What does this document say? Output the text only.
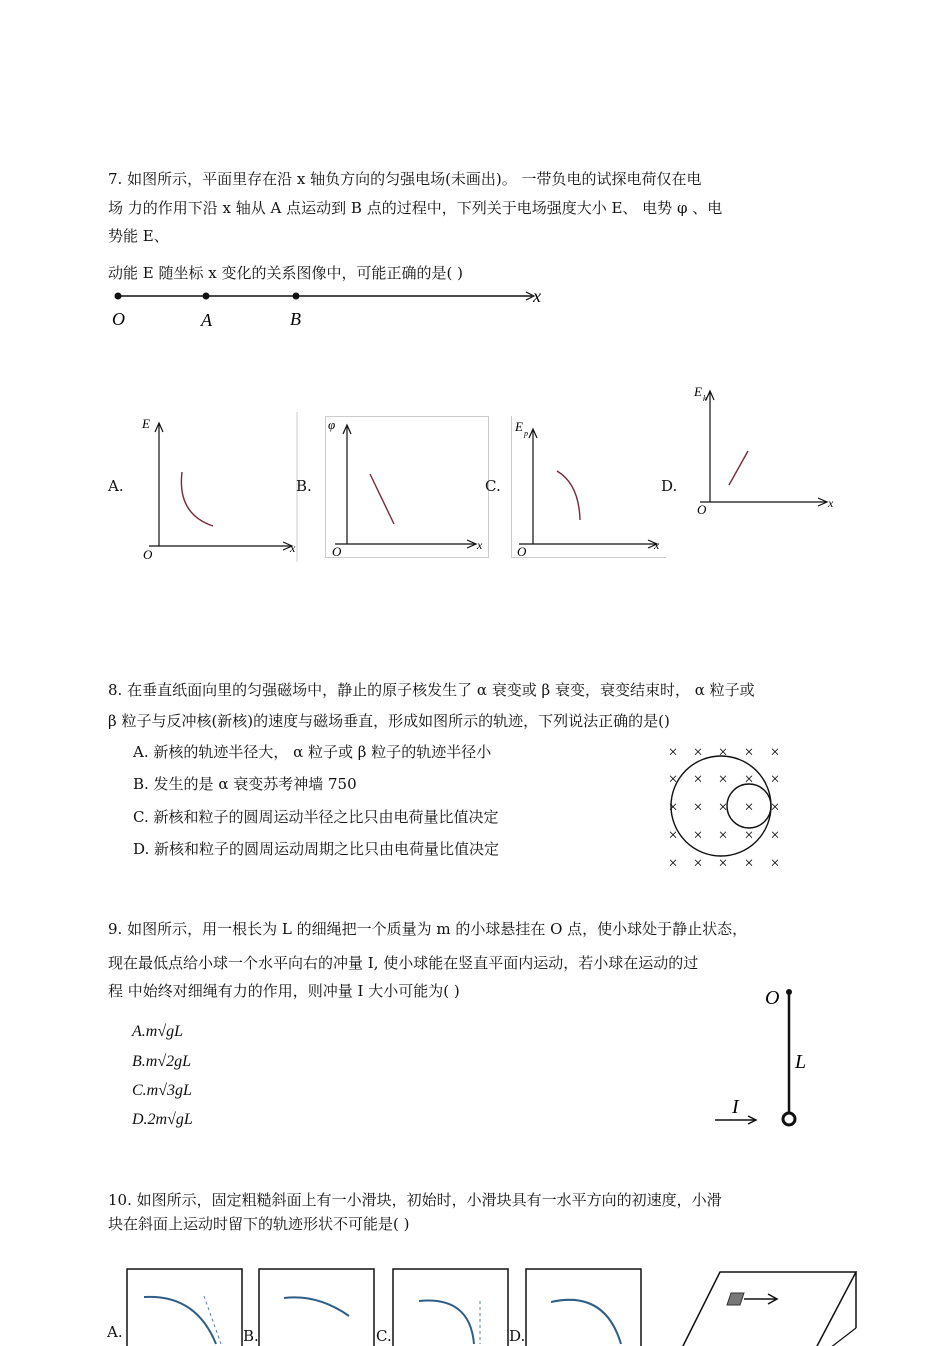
7. 如图所示，平面里存在沿 x 轴负方向的匀强电场(未画出)。 一带负电的试探电荷仅在电
场 力的作用下沿 x 轴从 A 点运动到 B 点的过程中，下列关于电场强度大小 E、 电势 φ 、电
势能 E、
动能 E 随坐标 x 变化的关系图像中，可能正确的是( )
O	A	B
x
A.
E
O	x
B.
φ
O	x
C.
E p
O	x
D.
E k
O	x
8. 在垂直纸面向里的匀强磁场中，静止的原子核发生了 α 衰变或 β 衰变，衰变结束时， α 粒子或
β 粒子与反冲核(新核)的速度与磁场垂直，形成如图所示的轨迹，下列说法正确的是()
A. 新核的轨迹半径大， α 粒子或 β 粒子的轨迹半径小
B. 发生的是 α 衰变苏考神墙 750
C. 新核和粒子的圆周运动半径之比只由电荷量比值决定
D. 新核和粒子的圆周运动周期之比只由电荷量比值决定
× × × × ×
× × × × ×
× × × × ×
× × × × ×
× × × × ×
9. 如图所示，用一根长为 L 的细绳把一个质量为 m 的小球悬挂在 O 点，使小球处于静止状态，
现在最低点给小球一个水平向右的冲量 I, 使小球能在竖直平面内运动，若小球在运动的过
程 中始终对细绳有力的作用，则冲量 I 大小可能为( )
A.m√gL
B.m√2gL
C.m√3gL
D.2m√gL
O
L
I
10. 如图所示，固定粗糙斜面上有一小滑块，初始时，小滑块具有一水平方向的初速度，小滑
块在斜面上运动时留下的轨迹形状不可能是( )
A.	B.	C.	D.
